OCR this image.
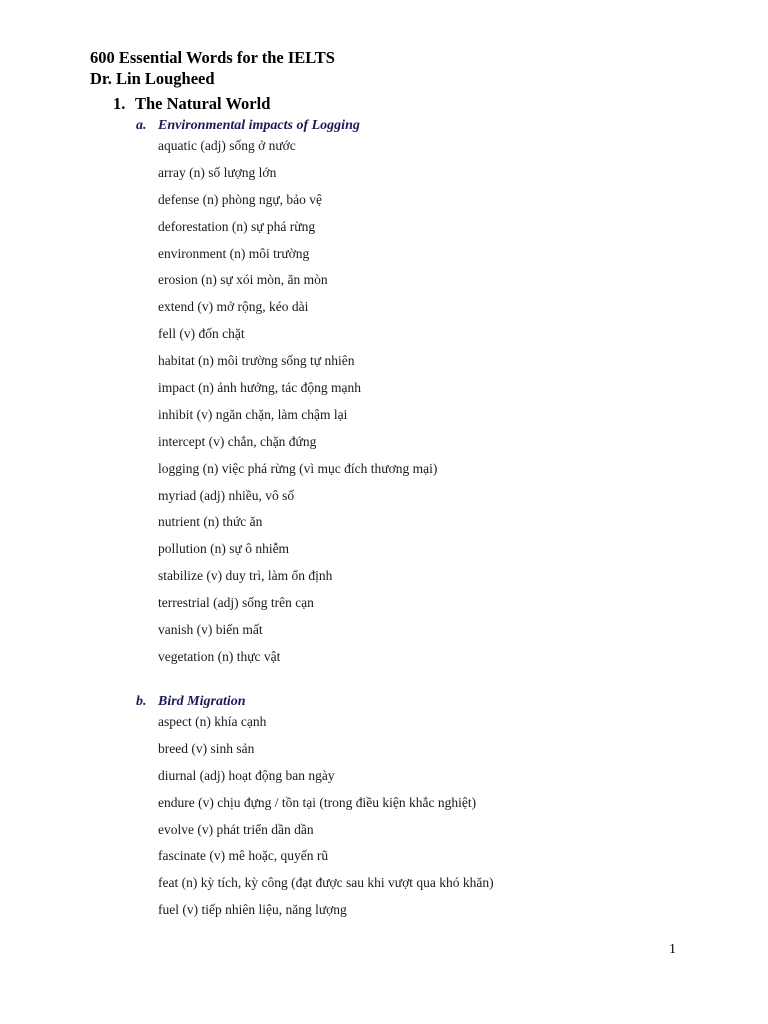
600 Essential Words for the IELTS
Dr. Lin Lougheed
1. The Natural World
a. Environmental impacts of Logging
aquatic (adj) sống ở nước
array (n) số lượng lớn
defense (n) phòng ngự, bảo vệ
deforestation (n) sự phá rừng
environment (n) môi trường
erosion (n) sự xói mòn, ăn mòn
extend (v) mở rộng, kéo dài
fell (v) đốn chặt
habitat (n) môi trường sống tự nhiên
impact (n) ảnh hưởng, tác động mạnh
inhibit (v) ngăn chặn, làm chậm lại
intercept (v) chắn, chặn đứng
logging (n) việc phá rừng (vì mục đích thương mại)
myriad (adj) nhiều, vô số
nutrient (n) thức ăn
pollution (n) sự ô nhiễm
stabilize (v) duy trì, làm ổn định
terrestrial (adj) sống trên cạn
vanish (v) biến mất
vegetation (n) thực vật
b. Bird Migration
aspect (n) khía cạnh
breed (v) sinh sản
diurnal (adj) hoạt động ban ngày
endure (v) chịu đựng / tồn tại (trong điều kiện khắc nghiệt)
evolve (v) phát triển dần dần
fascinate (v) mê hoặc, quyến rũ
feat (n) kỳ tích, kỳ công (đạt được sau khi vượt qua khó khăn)
fuel (v) tiếp nhiên liệu, năng lượng
1
